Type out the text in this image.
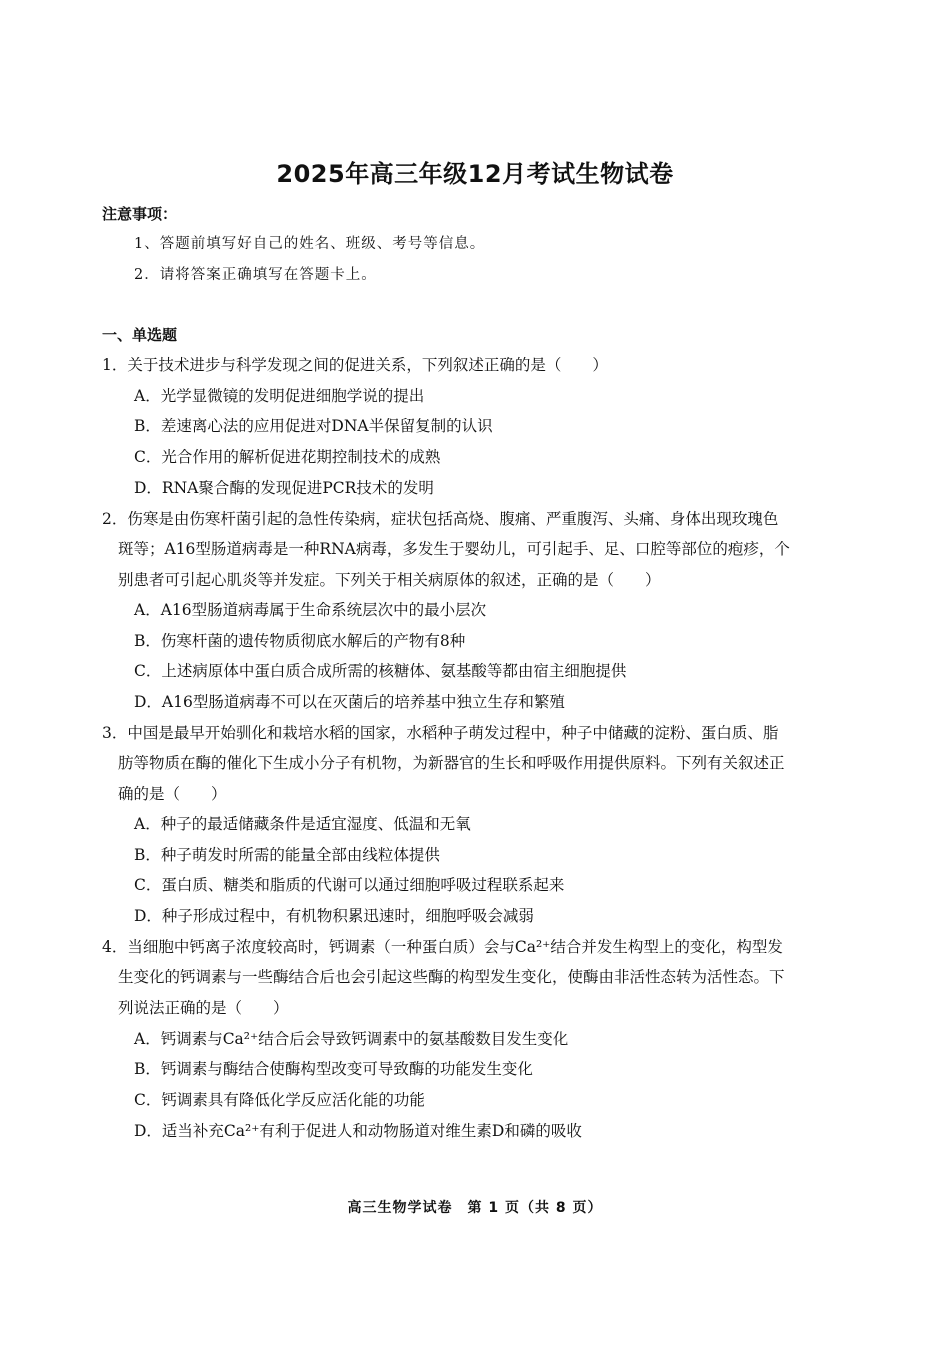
2025年高三年级12月考试生物试卷
注意事项：
1、答题前填写好自己的姓名、班级、考号等信息。
2．请将答案正确填写在答题卡上。
一、单选题
1．关于技术进步与科学发现之间的促进关系，下列叙述正确的是（　　）
A．光学显微镜的发明促进细胞学说的提出
B．差速离心法的应用促进对DNA半保留复制的认识
C．光合作用的解析促进花期控制技术的成熟
D．RNA聚合酶的发现促进PCR技术的发明
2．伤寒是由伤寒杆菌引起的急性传染病，症状包括高烧、腹痛、严重腹泻、头痛、身体出现玫瑰色
斑等；A16型肠道病毒是一种RNA病毒，多发生于婴幼儿，可引起手、足、口腔等部位的疱疹，个
别患者可引起心肌炎等并发症。下列关于相关病原体的叙述，正确的是（　　）
A．A16型肠道病毒属于生命系统层次中的最小层次
B．伤寒杆菌的遗传物质彻底水解后的产物有8种
C．上述病原体中蛋白质合成所需的核糖体、氨基酸等都由宿主细胞提供
D．A16型肠道病毒不可以在灭菌后的培养基中独立生存和繁殖
3．中国是最早开始驯化和栽培水稻的国家，水稻种子萌发过程中，种子中储藏的淀粉、蛋白质、脂
肪等物质在酶的催化下生成小分子有机物，为新器官的生长和呼吸作用提供原料。下列有关叙述正
确的是（　　）
A．种子的最适储藏条件是适宜湿度、低温和无氧
B．种子萌发时所需的能量全部由线粒体提供
C．蛋白质、糖类和脂质的代谢可以通过细胞呼吸过程联系起来
D．种子形成过程中，有机物积累迅速时，细胞呼吸会减弱
4．当细胞中钙离子浓度较高时，钙调素（一种蛋白质）会与Ca²⁺结合并发生构型上的变化，构型发
生变化的钙调素与一些酶结合后也会引起这些酶的构型发生变化，使酶由非活性态转为活性态。下
列说法正确的是（　　）
A．钙调素与Ca²⁺结合后会导致钙调素中的氨基酸数目发生变化
B．钙调素与酶结合使酶构型改变可导致酶的功能发生变化
C．钙调素具有降低化学反应活化能的功能
D．适当补充Ca²⁺有利于促进人和动物肠道对维生素D和磷的吸收
高三生物学试卷　第 1 页（共 8 页）
